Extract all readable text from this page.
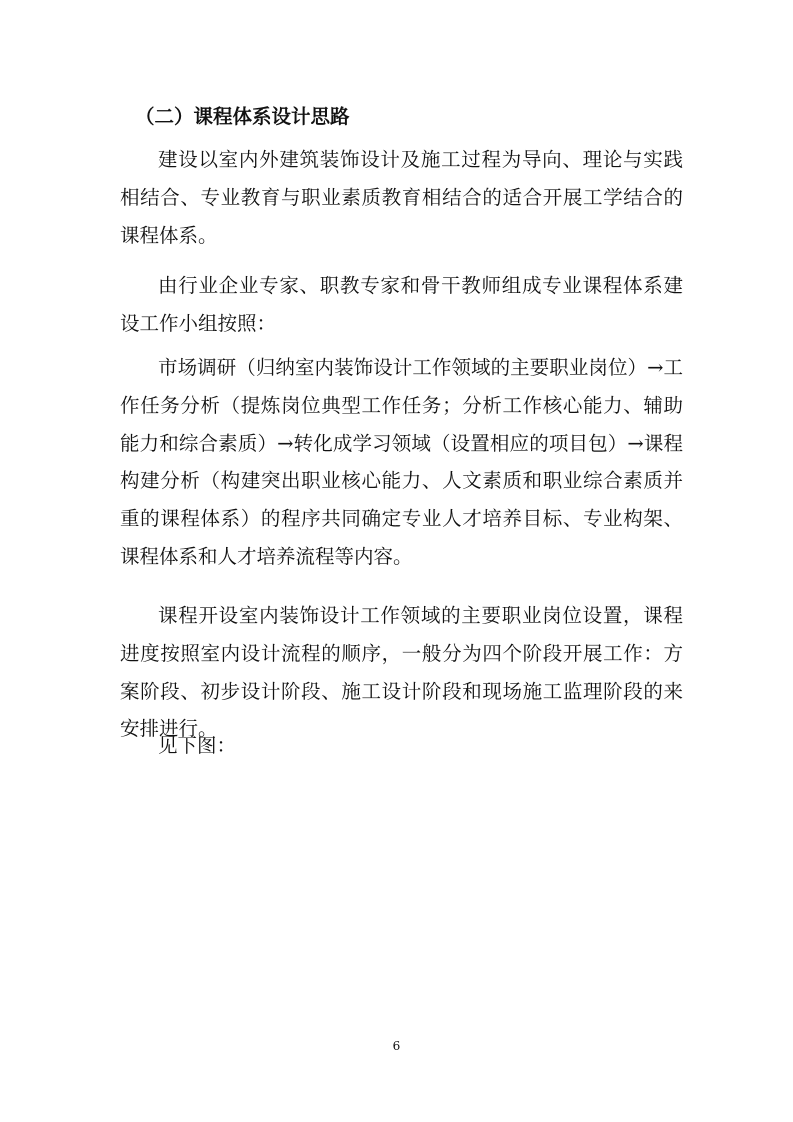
（二）课程体系设计思路

建设以室内外建筑装饰设计及施工过程为导向、理论与实践相结合、专业教育与职业素质教育相结合的适合开展工学结合的课程体系。

由行业企业专家、职教专家和骨干教师组成专业课程体系建设工作小组按照：

市场调研（归纳室内装饰设计工作领域的主要职业岗位）→工作任务分析（提炼岗位典型工作任务；分析工作核心能力、辅助能力和综合素质）→转化成学习领域（设置相应的项目包）→课程构建分析（构建突出职业核心能力、人文素质和职业综合素质并重的课程体系）的程序共同确定专业人才培养目标、专业构架、课程体系和人才培养流程等内容。

课程开设室内装饰设计工作领域的主要职业岗位设置，课程进度按照室内设计流程的顺序，一般分为四个阶段开展工作：方案阶段、初步设计阶段、施工设计阶段和现场施工监理阶段的来安排进行。

见下图：

6
